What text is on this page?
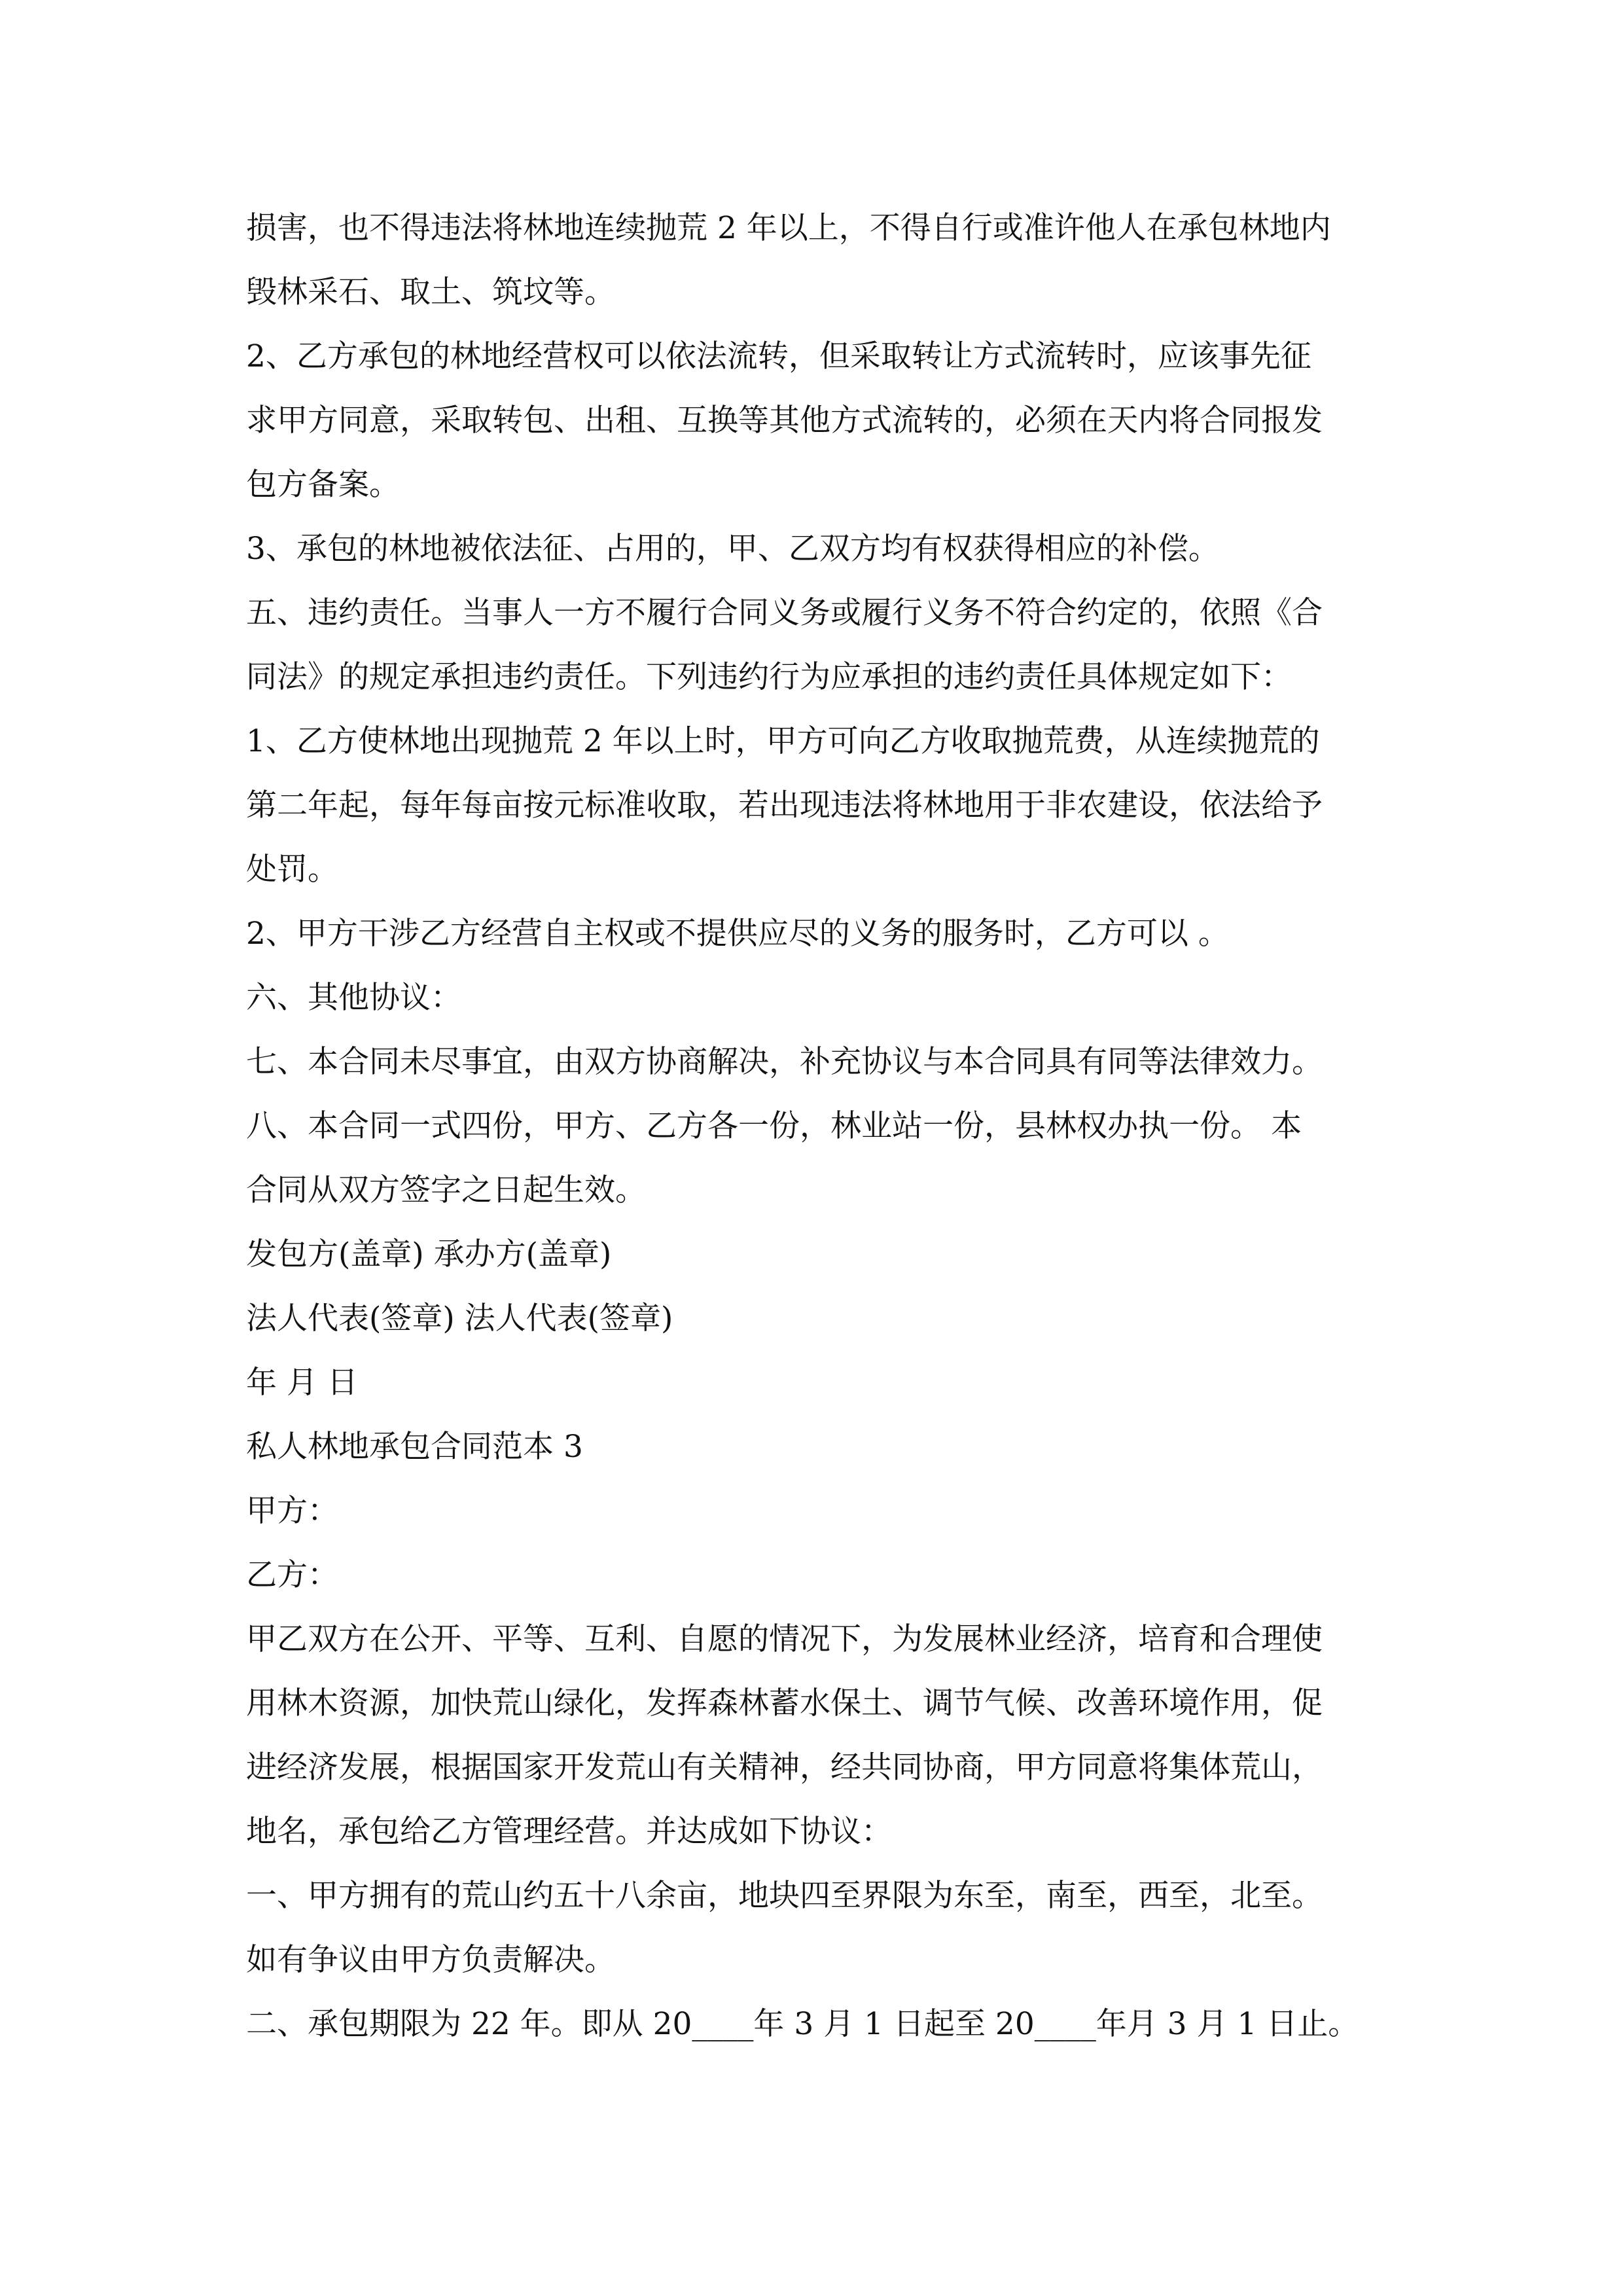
损害，也不得违法将林地连续抛荒 2 年以上，不得自行或准许他人在承包林地内
毁林采石、取土、筑坟等。
2、乙方承包的林地经营权可以依法流转，但采取转让方式流转时，应该事先征
求甲方同意，采取转包、出租、互换等其他方式流转的，必须在天内将合同报发
包方备案。
3、承包的林地被依法征、占用的，甲、乙双方均有权获得相应的补偿。
五、违约责任。当事人一方不履行合同义务或履行义务不符合约定的，依照《合
同法》的规定承担违约责任。下列违约行为应承担的违约责任具体规定如下：
1、乙方使林地出现抛荒 2 年以上时，甲方可向乙方收取抛荒费，从连续抛荒的
第二年起，每年每亩按元标准收取，若出现违法将林地用于非农建设，依法给予
处罚。
2、甲方干涉乙方经营自主权或不提供应尽的义务的服务时，乙方可以 。
六、其他协议：
七、本合同未尽事宜，由双方协商解决，补充协议与本合同具有同等法律效力。
八、本合同一式四份，甲方、乙方各一份，林业站一份，县林权办执一份。 本
合同从双方签字之日起生效。
发包方(盖章) 承办方(盖章)
法人代表(签章) 法人代表(签章)
年 月 日
私人林地承包合同范本 3
甲方：
乙方：
甲乙双方在公开、平等、互利、自愿的情况下，为发展林业经济，培育和合理使
用林木资源，加快荒山绿化，发挥森林蓄水保土、调节气候、改善环境作用，促
进经济发展，根据国家开发荒山有关精神，经共同协商，甲方同意将集体荒山，
地名，承包给乙方管理经营。并达成如下协议：
一、甲方拥有的荒山约五十八余亩，地块四至界限为东至，南至，西至，北至。
如有争议由甲方负责解决。
二、承包期限为 22 年。即从 20____年 3 月 1 日起至 20____年月 3 月 1 日止。
